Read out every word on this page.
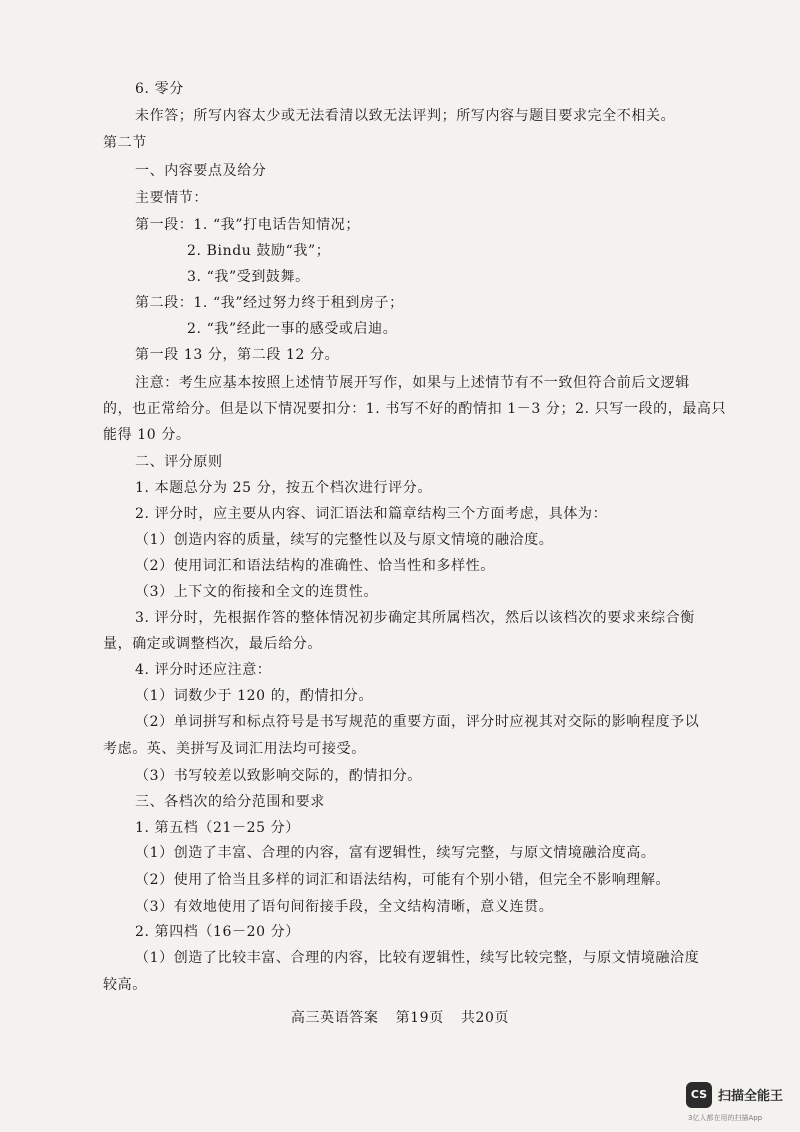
6. 零分
未作答；所写内容太少或无法看清以致无法评判；所写内容与题目要求完全不相关。
第二节
一、内容要点及给分
主要情节：
第一段：1. “我”打电话告知情况；
2. Bindu 鼓励“我”；
3. “我”受到鼓舞。
第二段：1. “我”经过努力终于租到房子；
2. “我”经此一事的感受或启迪。
第一段 13 分，第二段 12 分。
注意：考生应基本按照上述情节展开写作，如果与上述情节有不一致但符合前后文逻辑
的，也正常给分。但是以下情况要扣分：1. 书写不好的酌情扣 1－3 分；2. 只写一段的，最高只
能得 10 分。
二、评分原则
1. 本题总分为 25 分，按五个档次进行评分。
2. 评分时，应主要从内容、词汇语法和篇章结构三个方面考虑，具体为：
（1）创造内容的质量，续写的完整性以及与原文情境的融洽度。
（2）使用词汇和语法结构的准确性、恰当性和多样性。
（3）上下文的衔接和全文的连贯性。
3. 评分时，先根据作答的整体情况初步确定其所属档次，然后以该档次的要求来综合衡
量，确定或调整档次，最后给分。
4. 评分时还应注意：
（1）词数少于 120 的，酌情扣分。
（2）单词拼写和标点符号是书写规范的重要方面，评分时应视其对交际的影响程度予以
考虑。英、美拼写及词汇用法均可接受。
（3）书写较差以致影响交际的，酌情扣分。
三、各档次的给分范围和要求
1. 第五档（21－25 分）
（1）创造了丰富、合理的内容，富有逻辑性，续写完整，与原文情境融洽度高。
（2）使用了恰当且多样的词汇和语法结构，可能有个别小错，但完全不影响理解。
（3）有效地使用了语句间衔接手段，全文结构清晰，意义连贯。
2. 第四档（16－20 分）
（1）创造了比较丰富、合理的内容，比较有逻辑性，续写比较完整，与原文情境融洽度
较高。
高三英语答案 第19页 共20页
CS 扫描全能王
3亿人都在用的扫描App
